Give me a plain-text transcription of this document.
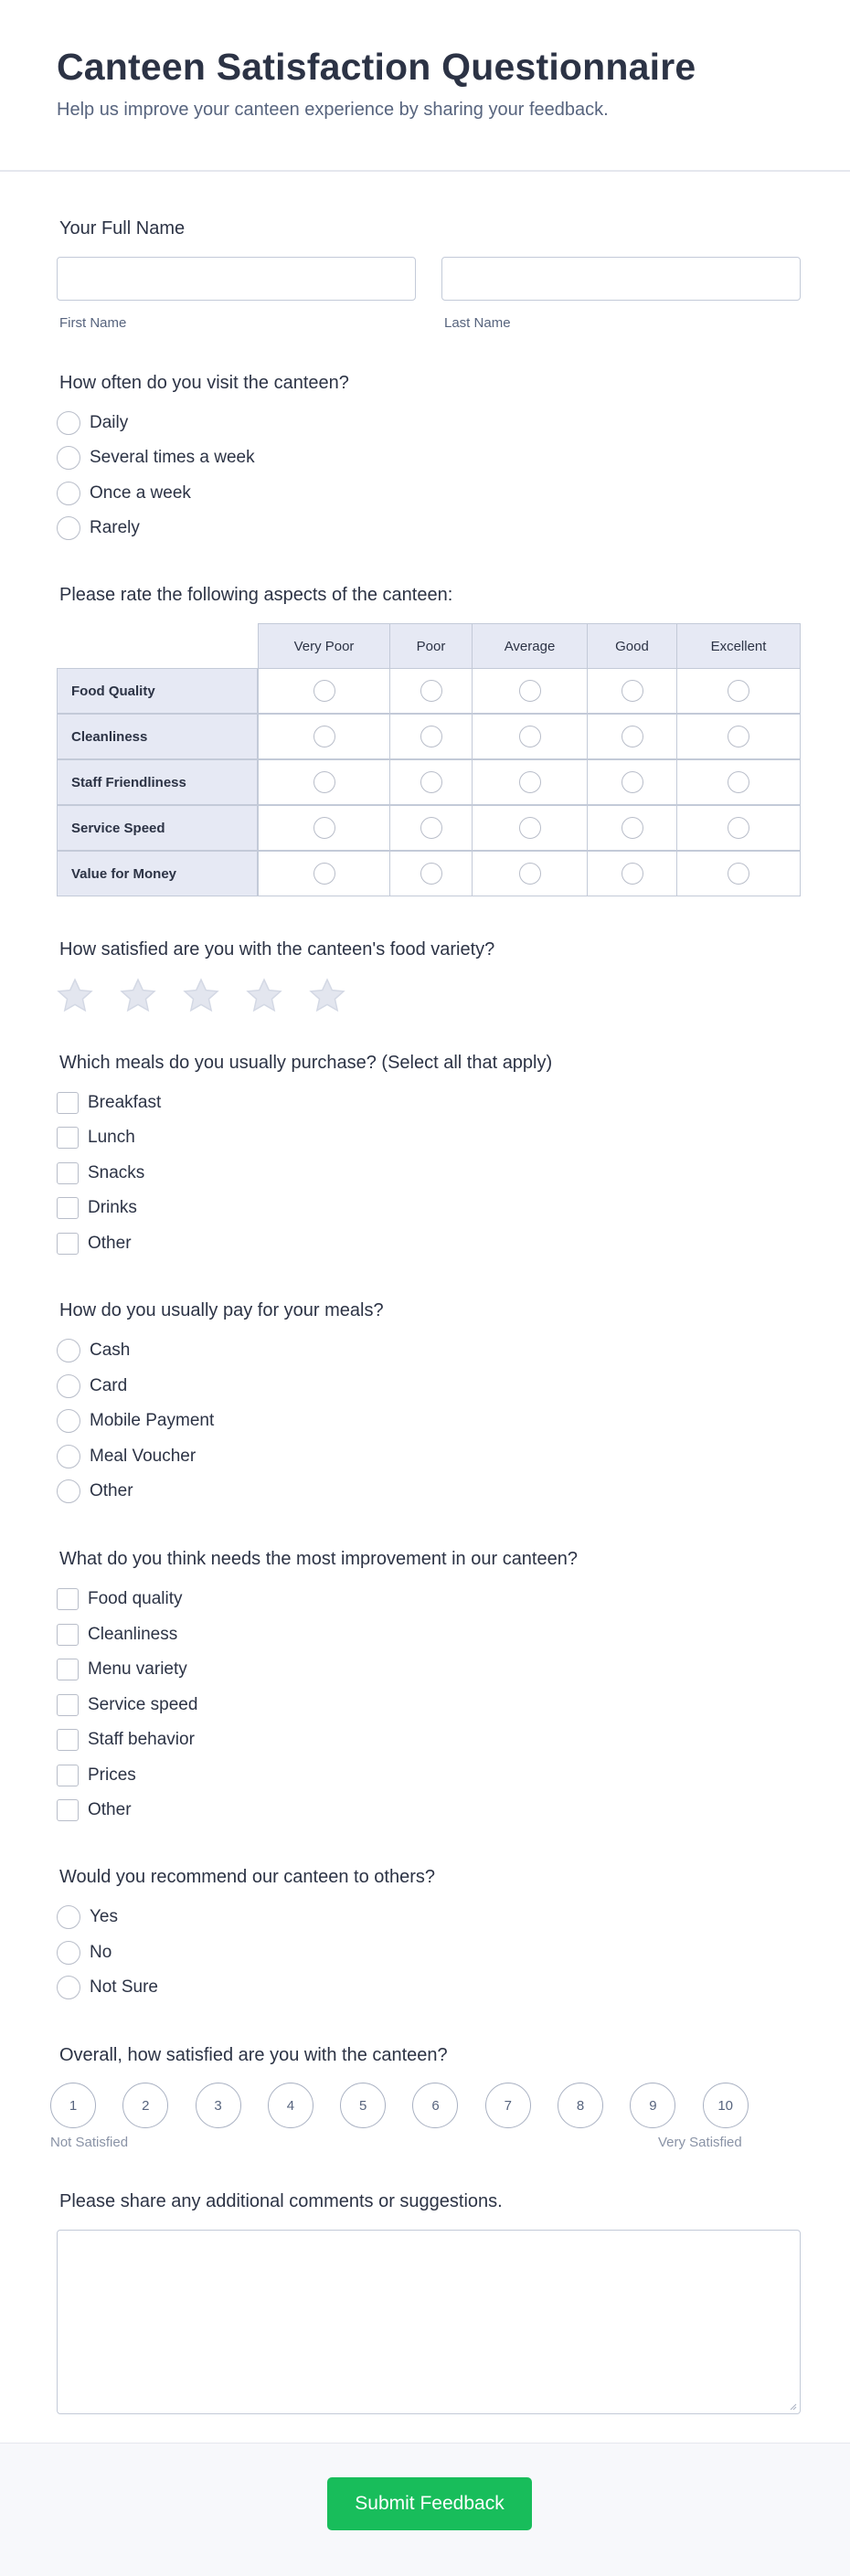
Canteen Satisfaction Questionnaire
Help us improve your canteen experience by sharing your feedback.
Your Full Name
First Name	Last Name
How often do you visit the canteen?
Daily
Several times a week
Once a week
Rarely
Please rate the following aspects of the canteen:
Very Poor	Poor	Average	Good	Excellent
Food Quality
Cleanliness
Staff Friendliness
Service Speed
Value for Money
How satisfied are you with the canteen's food variety?
Which meals do you usually purchase? (Select all that apply)
Breakfast
Lunch
Snacks
Drinks
Other
How do you usually pay for your meals?
Cash
Card
Mobile Payment
Meal Voucher
Other
What do you think needs the most improvement in our canteen?
Food quality
Cleanliness
Menu variety
Service speed
Staff behavior
Prices
Other
Would you recommend our canteen to others?
Yes
No
Not Sure
Overall, how satisfied are you with the canteen?
1	2	3	4	5	6	7	8	9	10
Not Satisfied	Very Satisfied
Please share any additional comments or suggestions.
Submit Feedback
